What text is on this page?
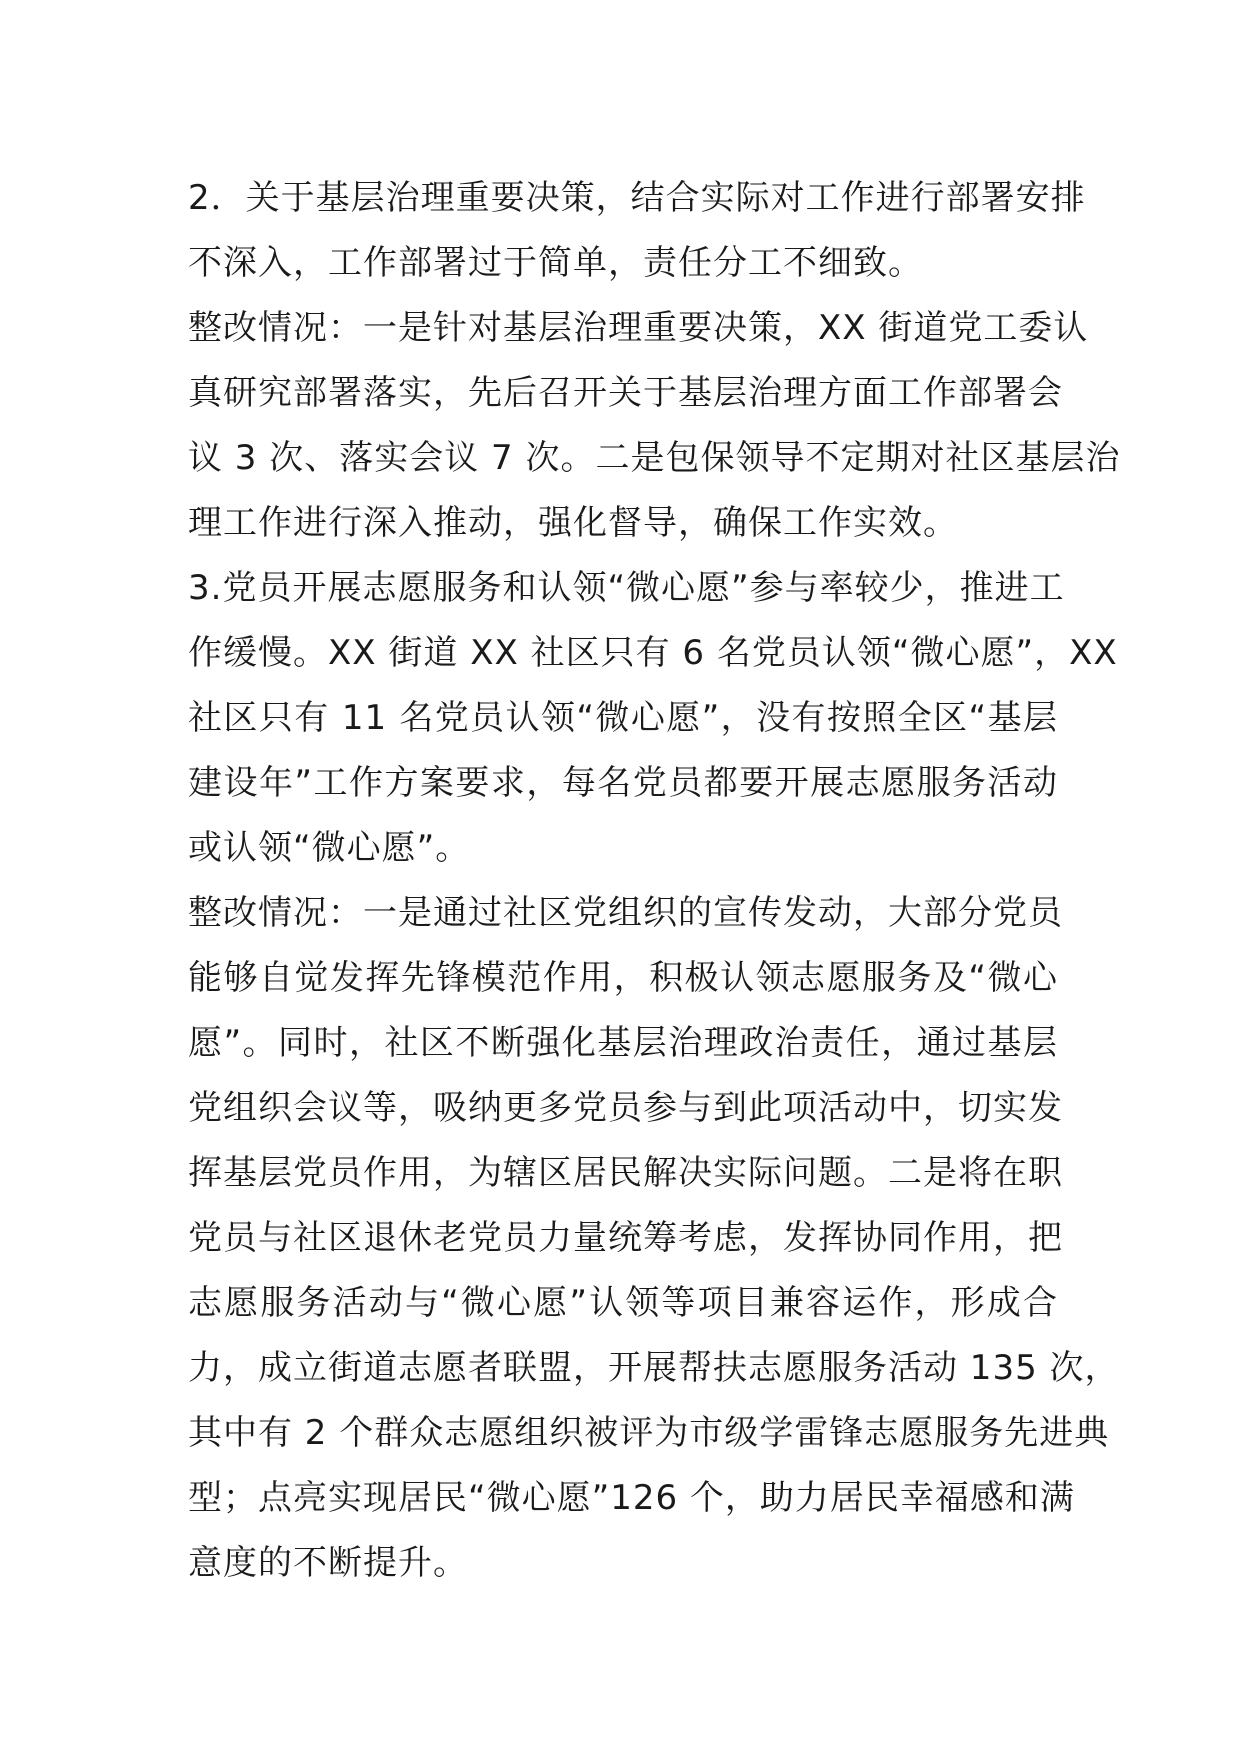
2．关于基层治理重要决策，结合实际对工作进行部署安排
不深入，工作部署过于简单，责任分工不细致。
整改情况：一是针对基层治理重要决策，XX 街道党工委认
真研究部署落实，先后召开关于基层治理方面工作部署会
议 3 次、落实会议 7 次。二是包保领导不定期对社区基层治
理工作进行深入推动，强化督导，确保工作实效。
3.党员开展志愿服务和认领“微心愿”参与率较少，推进工
作缓慢。XX 街道 XX 社区只有 6 名党员认领“微心愿”，XX
社区只有 11 名党员认领“微心愿”，没有按照全区“基层
建设年”工作方案要求，每名党员都要开展志愿服务活动
或认领“微心愿”。
整改情况：一是通过社区党组织的宣传发动，大部分党员
能够自觉发挥先锋模范作用，积极认领志愿服务及“微心
愿”。同时，社区不断强化基层治理政治责任，通过基层
党组织会议等，吸纳更多党员参与到此项活动中，切实发
挥基层党员作用，为辖区居民解决实际问题。二是将在职
党员与社区退休老党员力量统筹考虑，发挥协同作用，把
志愿服务活动与“微心愿”认领等项目兼容运作，形成合
力，成立街道志愿者联盟，开展帮扶志愿服务活动 135 次，
其中有 2 个群众志愿组织被评为市级学雷锋志愿服务先进典
型；点亮实现居民“微心愿”126 个，助力居民幸福感和满
意度的不断提升。
